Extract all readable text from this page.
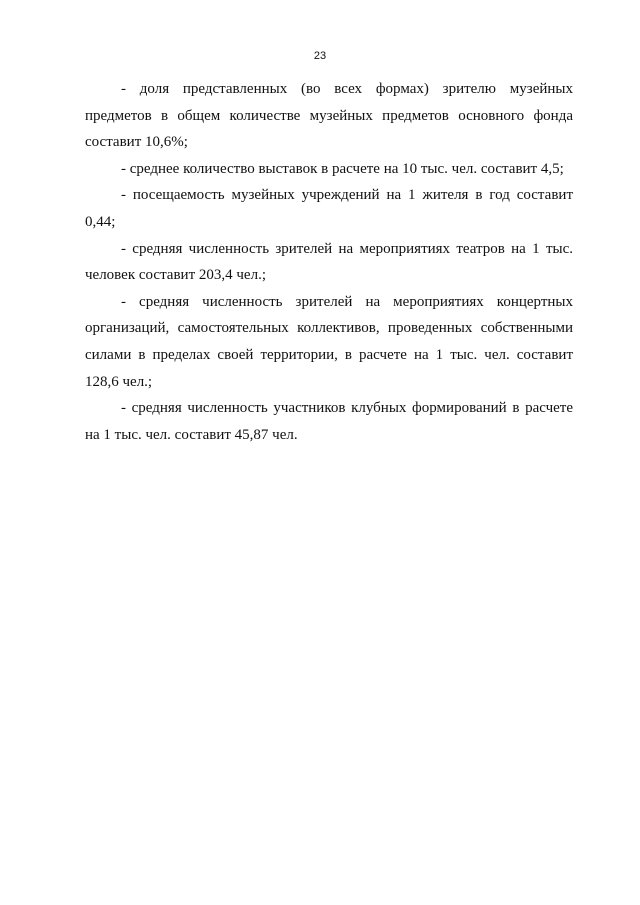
23

- доля представленных (во всех формах) зрителю музейных предметов в общем количестве музейных предметов основного фонда составит 10,6%;

- среднее количество выставок в расчете на 10 тыс. чел. составит 4,5;

- посещаемость музейных учреждений на 1 жителя в год составит 0,44;

- средняя численность зрителей на мероприятиях театров на 1 тыс. человек составит 203,4 чел.;

- средняя численность зрителей на мероприятиях концертных организаций, самостоятельных коллективов, проведенных собственными силами в пределах своей территории, в расчете на 1 тыс. чел. составит 128,6 чел.;

- средняя численность участников клубных формирований в расчете на 1 тыс. чел. составит 45,87 чел.
